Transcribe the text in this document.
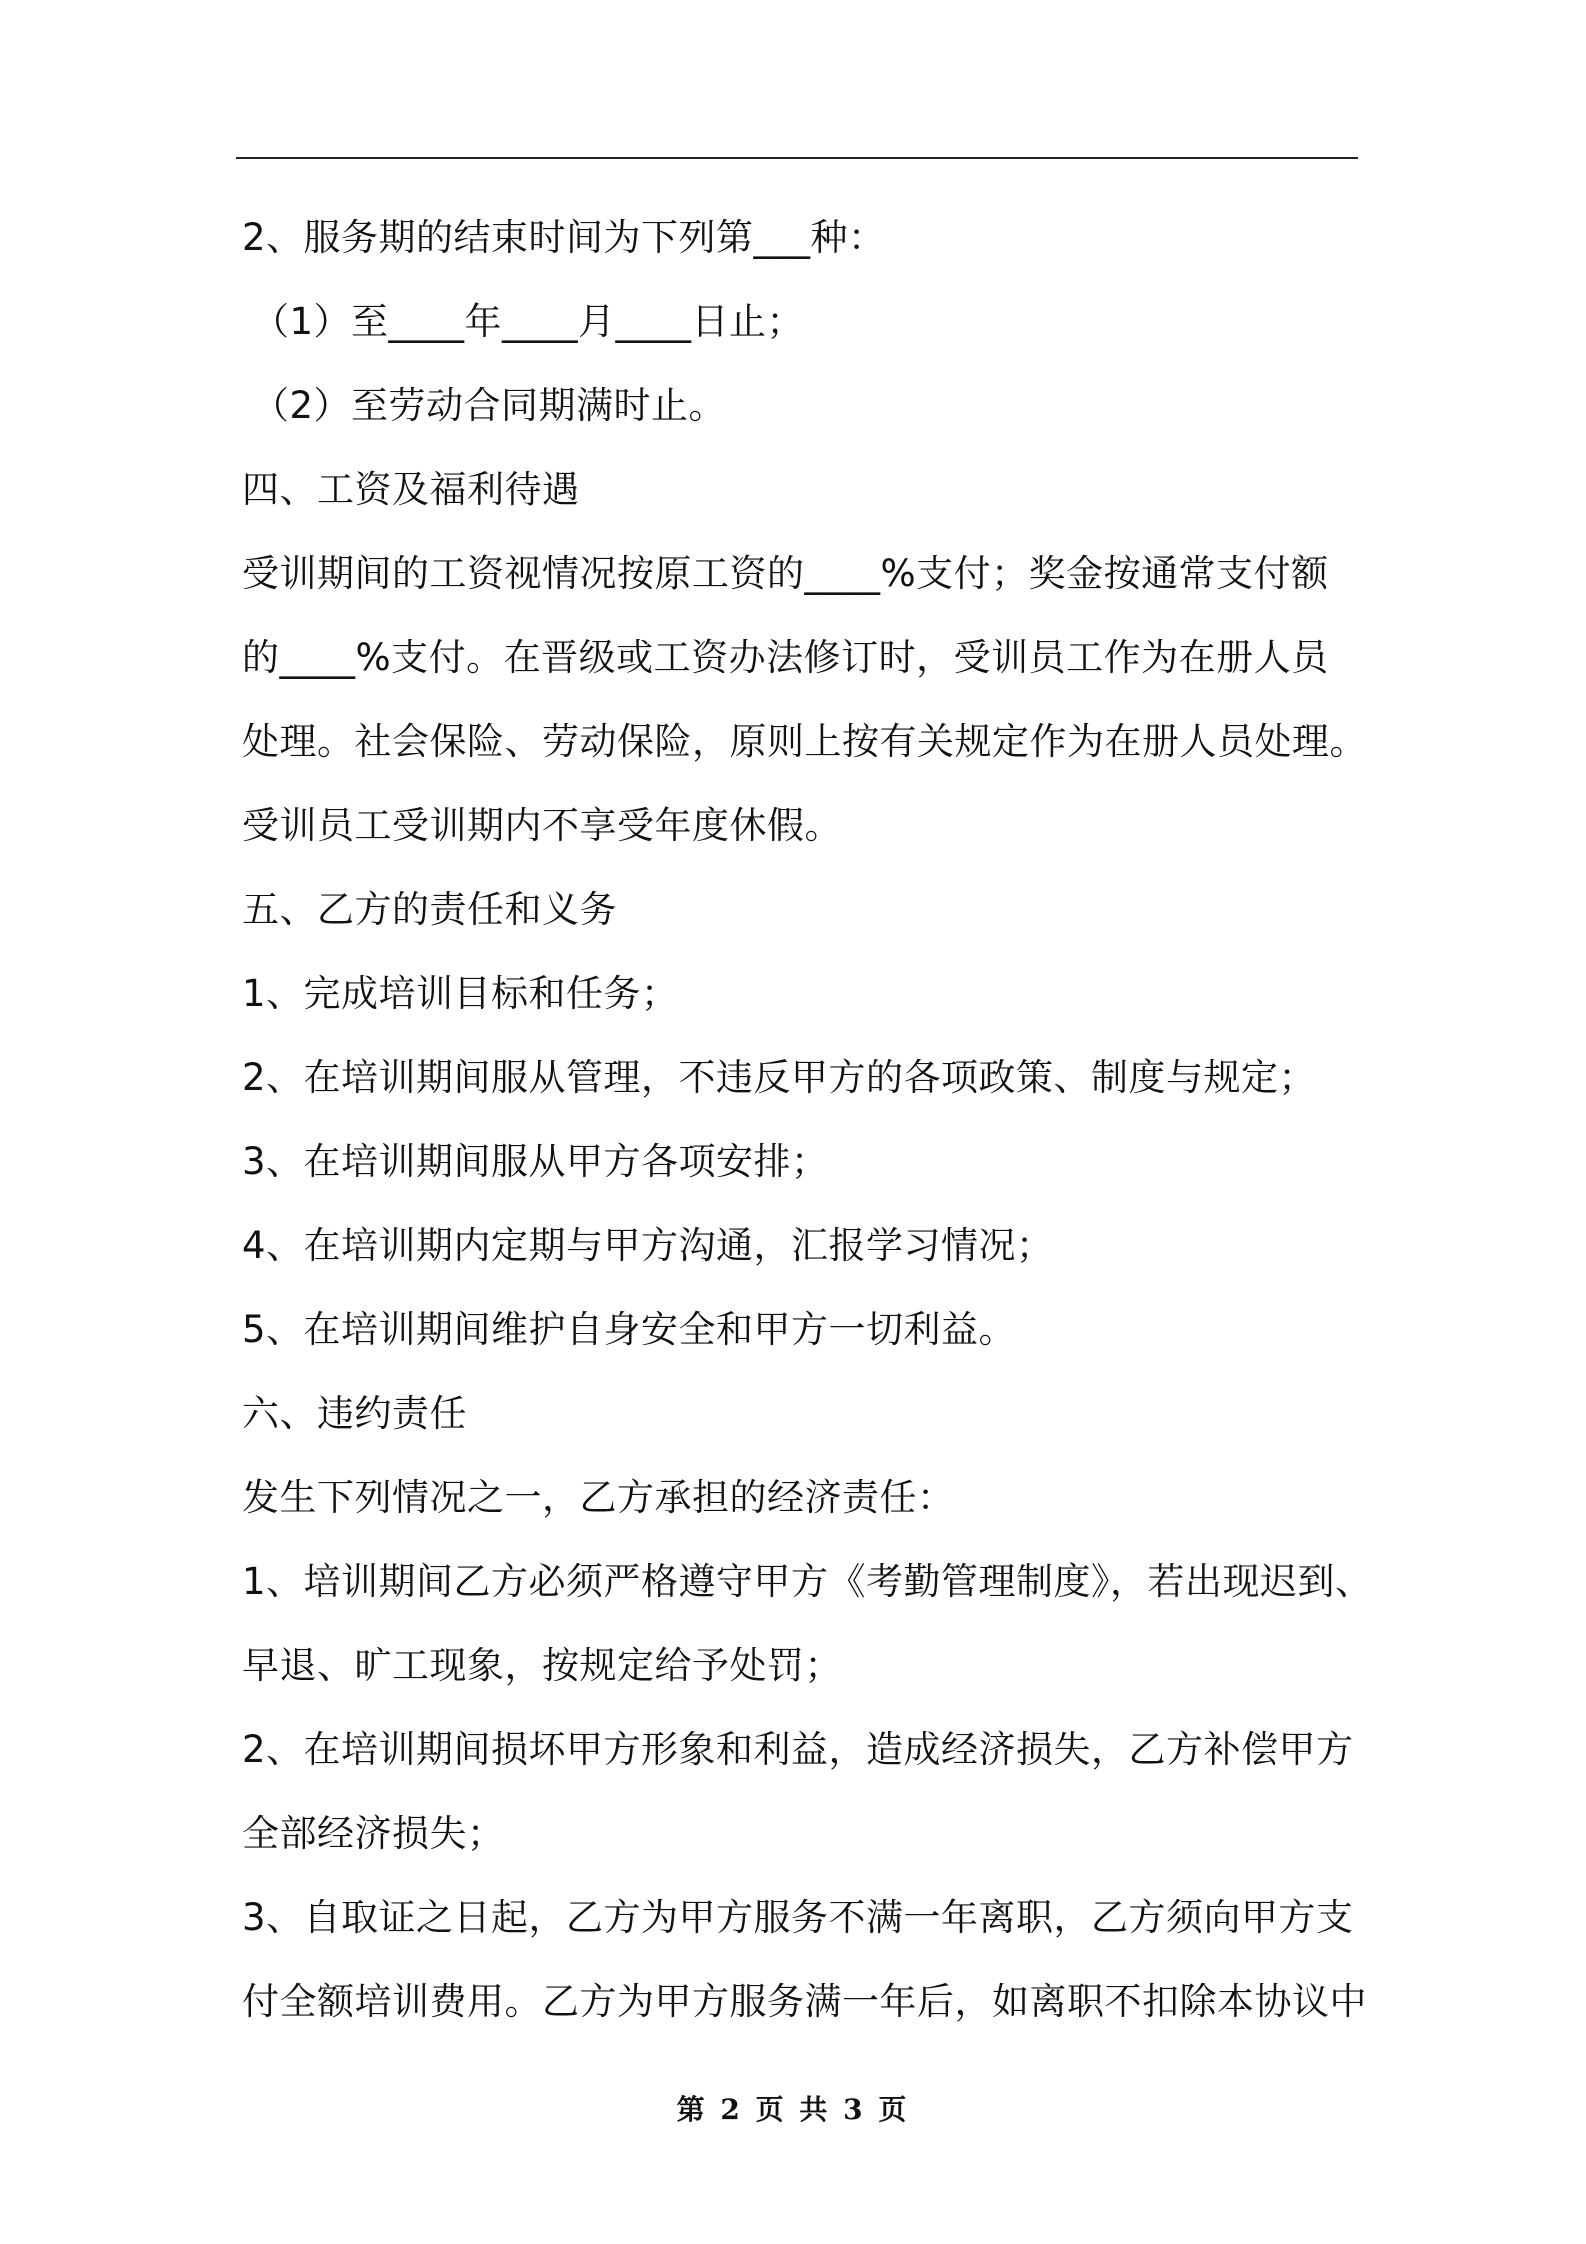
2、服务期的结束时间为下列第___种：
（1）至____年____月____日止；
（2）至劳动合同期满时止。
四、工资及福利待遇
受训期间的工资视情况按原工资的____%支付；奖金按通常支付额
的____%支付。在晋级或工资办法修订时，受训员工作为在册人员
处理。社会保险、劳动保险，原则上按有关规定作为在册人员处理。
受训员工受训期内不享受年度休假。
五、乙方的责任和义务
1、完成培训目标和任务；
2、在培训期间服从管理，不违反甲方的各项政策、制度与规定；
3、在培训期间服从甲方各项安排；
4、在培训期内定期与甲方沟通，汇报学习情况；
5、在培训期间维护自身安全和甲方一切利益。
六、违约责任
发生下列情况之一，乙方承担的经济责任：
1、培训期间乙方必须严格遵守甲方《考勤管理制度》，若出现迟到、
早退、旷工现象，按规定给予处罚；
2、在培训期间损坏甲方形象和利益，造成经济损失，乙方补偿甲方
全部经济损失；
3、自取证之日起，乙方为甲方服务不满一年离职，乙方须向甲方支
付全额培训费用。乙方为甲方服务满一年后，如离职不扣除本协议中
第 2 页 共 3 页
